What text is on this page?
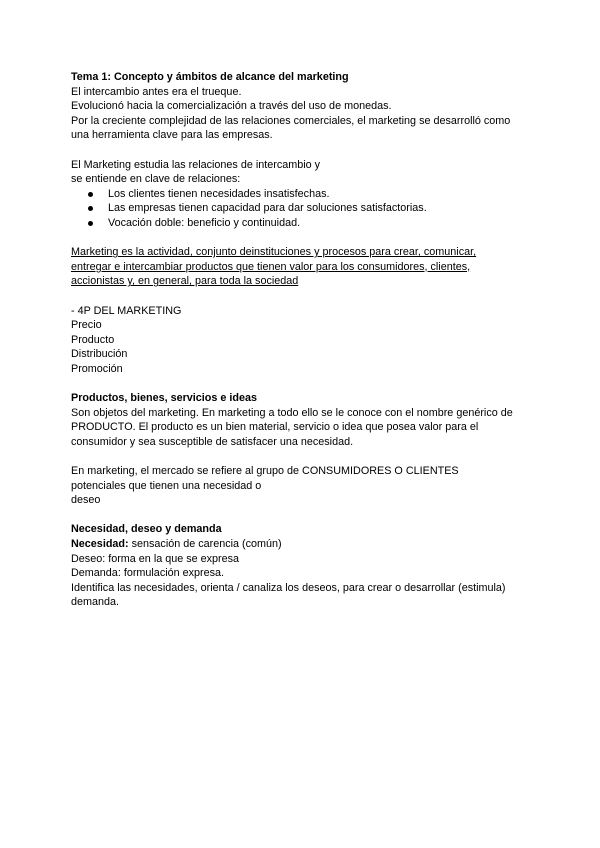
Tema 1: Concepto y ámbitos de alcance del marketing
El intercambio antes era el trueque.
Evolucionó hacia la comercialización a través del uso de monedas.
Por la creciente complejidad de las relaciones comerciales, el marketing se desarrolló como
una herramienta clave para las empresas.
El Marketing estudia las relaciones de intercambio y
se entiende en clave de relaciones:
Los clientes tienen necesidades insatisfechas.
Las empresas tienen capacidad para dar soluciones satisfactorias.
Vocación doble: beneficio y continuidad.
Marketing es la actividad, conjunto deinstituciones y procesos para crear, comunicar,
entregar e intercambiar productos que tienen valor para los consumidores, clientes,
accionistas y, en general, para toda la sociedad
- 4P DEL MARKETING
Precio
Producto
Distribución
Promoción
Productos, bienes, servicios e ideas
Son objetos del marketing. En marketing a todo ello se le conoce con el nombre genérico de
PRODUCTO. El producto es un bien material, servicio o idea que posea valor para el
consumidor y sea susceptible de satisfacer una necesidad.
En marketing, el mercado se refiere al grupo de CONSUMIDORES O CLIENTES
potenciales que tienen una necesidad o
deseo
Necesidad, deseo y demanda
Necesidad: sensación de carencia (común)
Deseo: forma en la que se expresa
Demanda: formulación expresa.
Identifica las necesidades, orienta / canaliza los deseos, para crear o desarrollar (estimula)
demanda.
